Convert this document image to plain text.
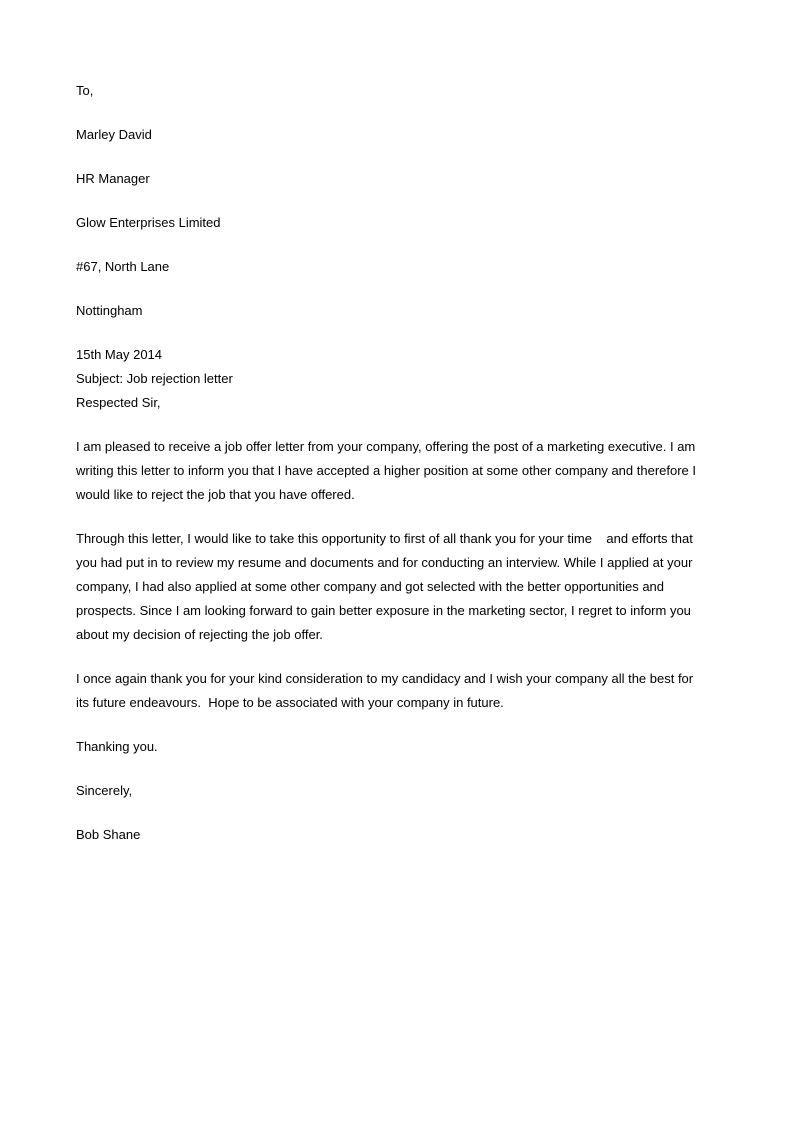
To,

Marley David

HR Manager

Glow Enterprises Limited

#67, North Lane

Nottingham

15th May 2014

Subject: Job rejection letter

Respected Sir,

I am pleased to receive a job offer letter from your company, offering the post of a marketing executive. I am writing this letter to inform you that I have accepted a higher position at some other company and therefore I would like to reject the job that you have offered.

Through this letter, I would like to take this opportunity to first of all thank you for your time    and efforts that you had put in to review my resume and documents and for conducting an interview. While I applied at your company, I had also applied at some other company and got selected with the better opportunities and prospects. Since I am looking forward to gain better exposure in the marketing sector, I regret to inform you about my decision of rejecting the job offer.

I once again thank you for your kind consideration to my candidacy and I wish your company all the best for its future endeavours.  Hope to be associated with your company in future.

Thanking you.

Sincerely,

Bob Shane
